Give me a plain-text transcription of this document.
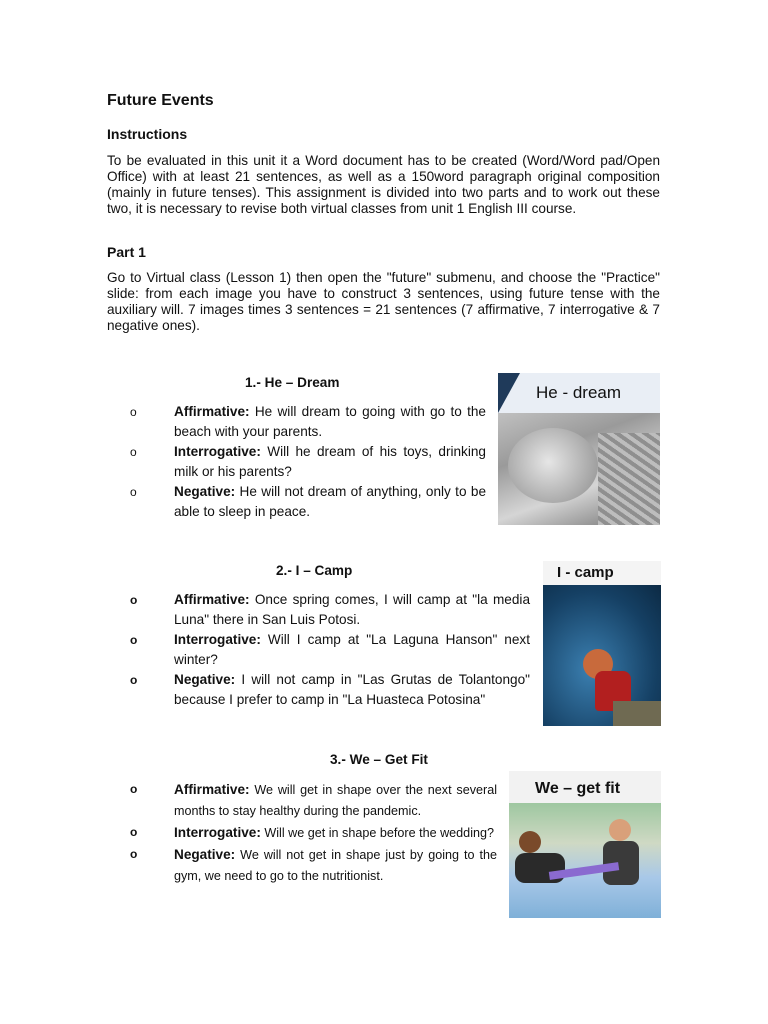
Future Events
Instructions

To be evaluated in this unit it a Word document has to be created (Word/Word pad/Open Office) with at least 21 sentences, as well as a 150word paragraph original composition (mainly in future tenses). This assignment is divided into two parts and to work out these two, it is necessary to revise both virtual classes from unit 1 English III course.

Part 1

Go to Virtual class (Lesson 1) then open the "future" submenu, and choose the "Practice" slide: from each image you have to construct 3 sentences, using future tense with the auxiliary will. 7 images times 3 sentences = 21 sentences (7 affirmative, 7 interrogative & 7 negative ones).

1.- He – Dream
o Affirmative: He will dream to going with go to the beach with your parents.
o Interrogative: Will he dream of his toys, drinking milk or his parents?
o Negative: He will not dream of anything, only to be able to sleep in peace.
He - dream
2.- I – Camp
o Affirmative: Once spring comes, I will camp at "la media Luna" there in San Luis Potosi.
o Interrogative: Will I camp at "La Laguna Hanson" next winter?
o Negative: I will not camp in "Las Grutas de Tolantongo" because I prefer to camp in "La Huasteca Potosina"
I - camp
3.- We – Get Fit
o Affirmative: We will get in shape over the next several months to stay healthy during the pandemic.
o Interrogative: Will we get in shape before the wedding?
o Negative: We will not get in shape just by going to the gym, we need to go to the nutritionist.
We – get fit
